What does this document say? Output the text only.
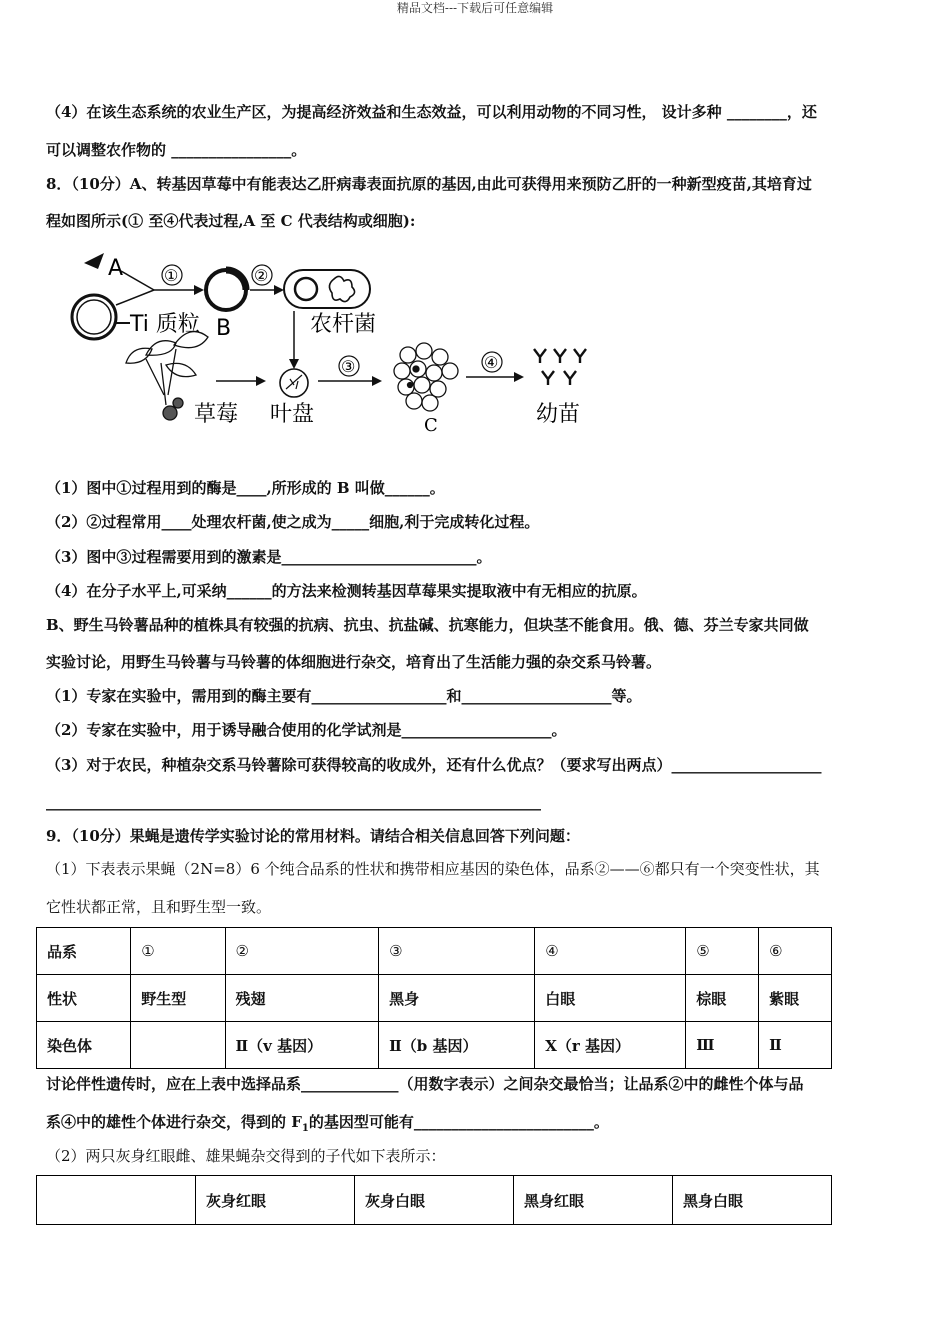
精品文档---下载后可任意编辑
（4）在该生态系统的农业生产区，为提高经济效益和生态效益，可以利用动物的不同习性， 设计多种 ________，还
可以调整农作物的 ________________。
8．（10分）A、转基因草莓中有能表达乙肝病毒表面抗原的基因,由此可获得用来预防乙肝的一种新型疫苗,其培育过
程如图所示(① 至④代表过程,A 至 C 代表结构或细胞):
A
Ti 质粒
①
B
②
农杆菌
草莓 叶盘
③
C
④
幼苗
（1）图中①过程用到的酶是____,所形成的 B 叫做______。
（2）②过程常用____处理农杆菌,使之成为_____细胞,利于完成转化过程。
（3）图中③过程需要用到的激素是__________________________。
（4）在分子水平上,可采纳______的方法来检测转基因草莓果实提取液中有无相应的抗原。
B、野生马铃薯品种的植株具有较强的抗病、抗虫、抗盐碱、抗寒能力，但块茎不能食用。俄、德、芬兰专家共同做
实验讨论，用野生马铃薯与马铃薯的体细胞进行杂交，培育出了生活能力强的杂交系马铃薯。
（1）专家在实验中，需用到的酶主要有__________________和____________________等。
（2）专家在实验中，用于诱导融合使用的化学试剂是____________________。
（3）对于农民，种植杂交系马铃薯除可获得较高的收成外，还有什么优点？（要求写出两点）____________________
__________________________________________________________________
9．（10分）果蝇是遗传学实验讨论的常用材料。请结合相关信息回答下列问题：
（1）下表表示果蝇（2N=8）6 个纯合品系的性状和携带相应基因的染色体，品系②——⑥都只有一个突变性状，其
它性状都正常，且和野生型一致。
品系	①	②	③	④	⑤	⑥
性状	野生型	残翅	黑身	白眼	棕眼	紫眼
染色体		Ⅱ（v 基因）	Ⅱ（b 基因）	X（r 基因）	Ⅲ	Ⅱ
讨论伴性遗传时，应在上表中选择品系_____________（用数字表示）之间杂交最恰当；让品系②中的雌性个体与品
系④中的雄性个体进行杂交，得到的 $F_1$的基因型可能有________________________。
（2）两只灰身红眼雌、雄果蝇杂交得到的子代如下表所示：
	灰身红眼	灰身白眼	黑身红眼	黑身白眼
